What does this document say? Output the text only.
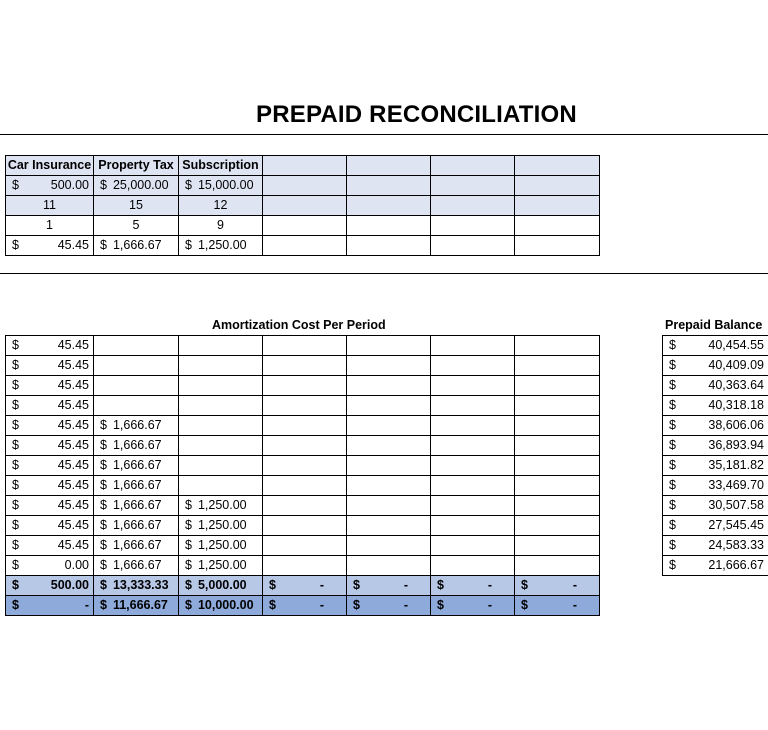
PREPAID RECONCILIATION
Car Insurance	Property Tax	Subscription				

$ 500.00	$ 25,000.00	$ 15,000.00				

11	15	12				
1	5	9				

$ 45.45	$ 1,666.67	$ 1,250.00				

Amortization Cost Per Period
$ 45.45						

$ 45.45						

$ 45.45						

$ 45.45						

$ 45.45	$ 1,666.67					

$ 45.45	$ 1,666.67					

$ 45.45	$ 1,666.67					

$ 45.45	$ 1,666.67					

$ 45.45	$ 1,666.67	$ 1,250.00				

$ 45.45	$ 1,666.67	$ 1,250.00				

$ 45.45	$ 1,666.67	$ 1,250.00				

$ 0.00	$ 1,666.67	$ 1,250.00				

$ 500.00	$ 13,333.33	$ 5,000.00	$ -	$ -	$ -	$ -

$ -	$ 11,666.67	$ 10,000.00	$ -	$ -	$ -	$ -
Prepaid Balance
$	40,454.55

$	40,409.09

$	40,363.64

$	40,318.18

$	38,606.06

$	36,893.94

$	35,181.82

$	33,469.70

$	30,507.58

$	27,545.45

$	24,583.33

$	21,666.67
